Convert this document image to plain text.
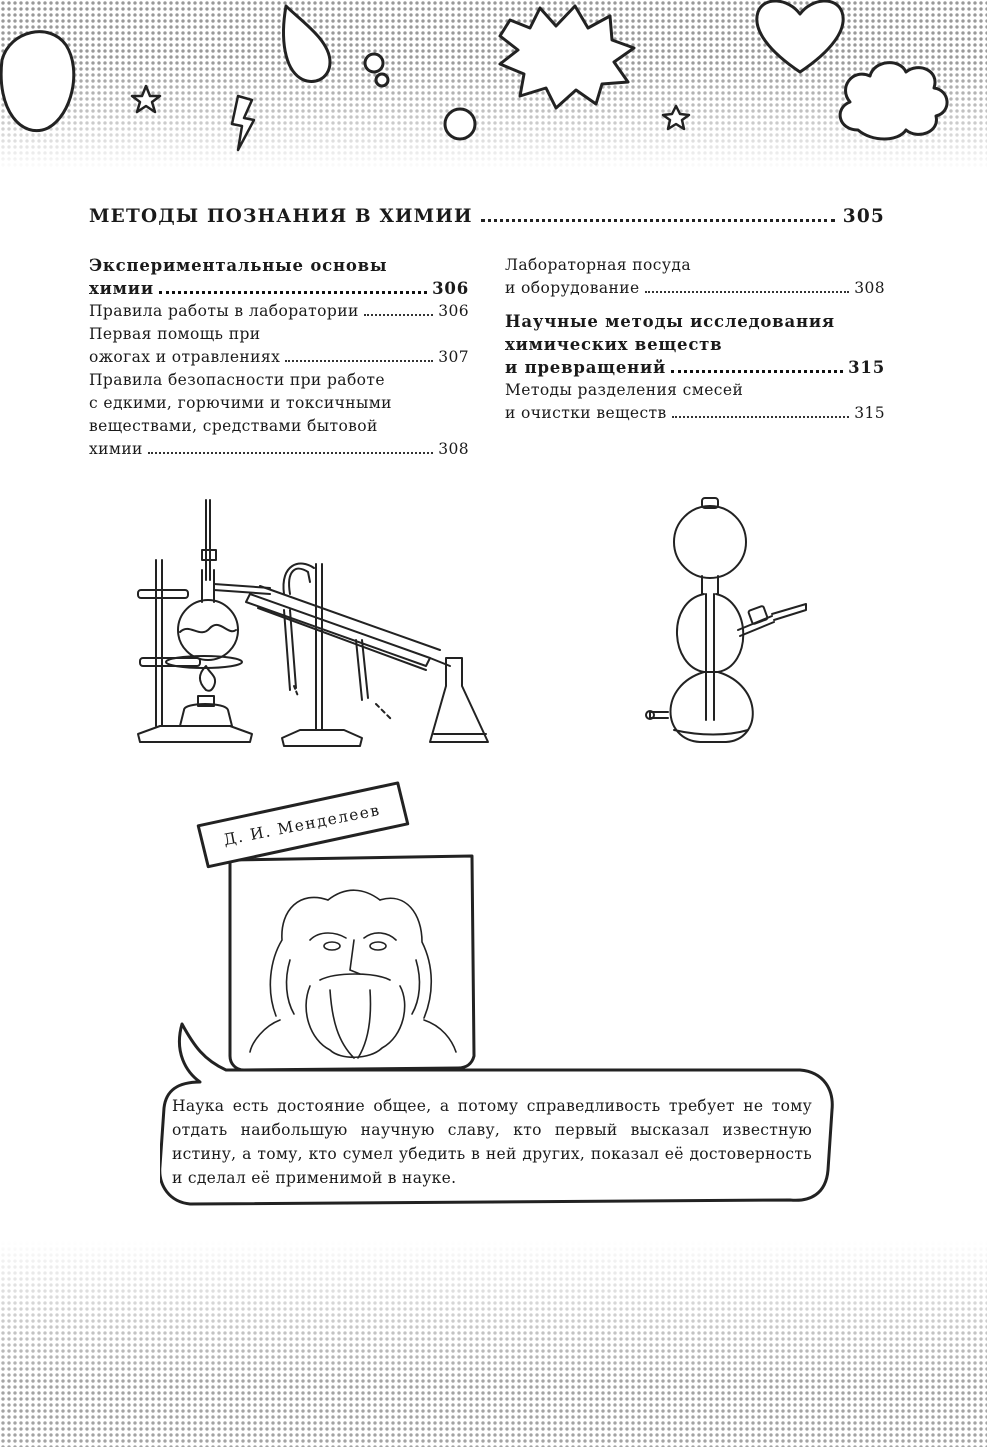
МЕТОДЫ ПОЗНАНИЯ В ХИМИИ	305
Экспериментальные основы
химии	306
Правила работы в лаборатории	306
Первая помощь при
ожогах и отравлениях	307
Правила безопасности при работе
с едкими, горючими и токсичными
веществами, средствами бытовой
химии	308
Лабораторная посуда
и оборудование	308
Научные методы исследования
химических веществ
и превращений	315
Методы разделения смесей
и очистки веществ	315
Д. И. Менделеев
Наука есть достояние общее, а потому справедливость требует не тому отдать наибольшую научную славу, кто первый высказал известную истину, а тому, кто сумел убедить в ней других, показал её достоверность и сделал её применимой в науке.
